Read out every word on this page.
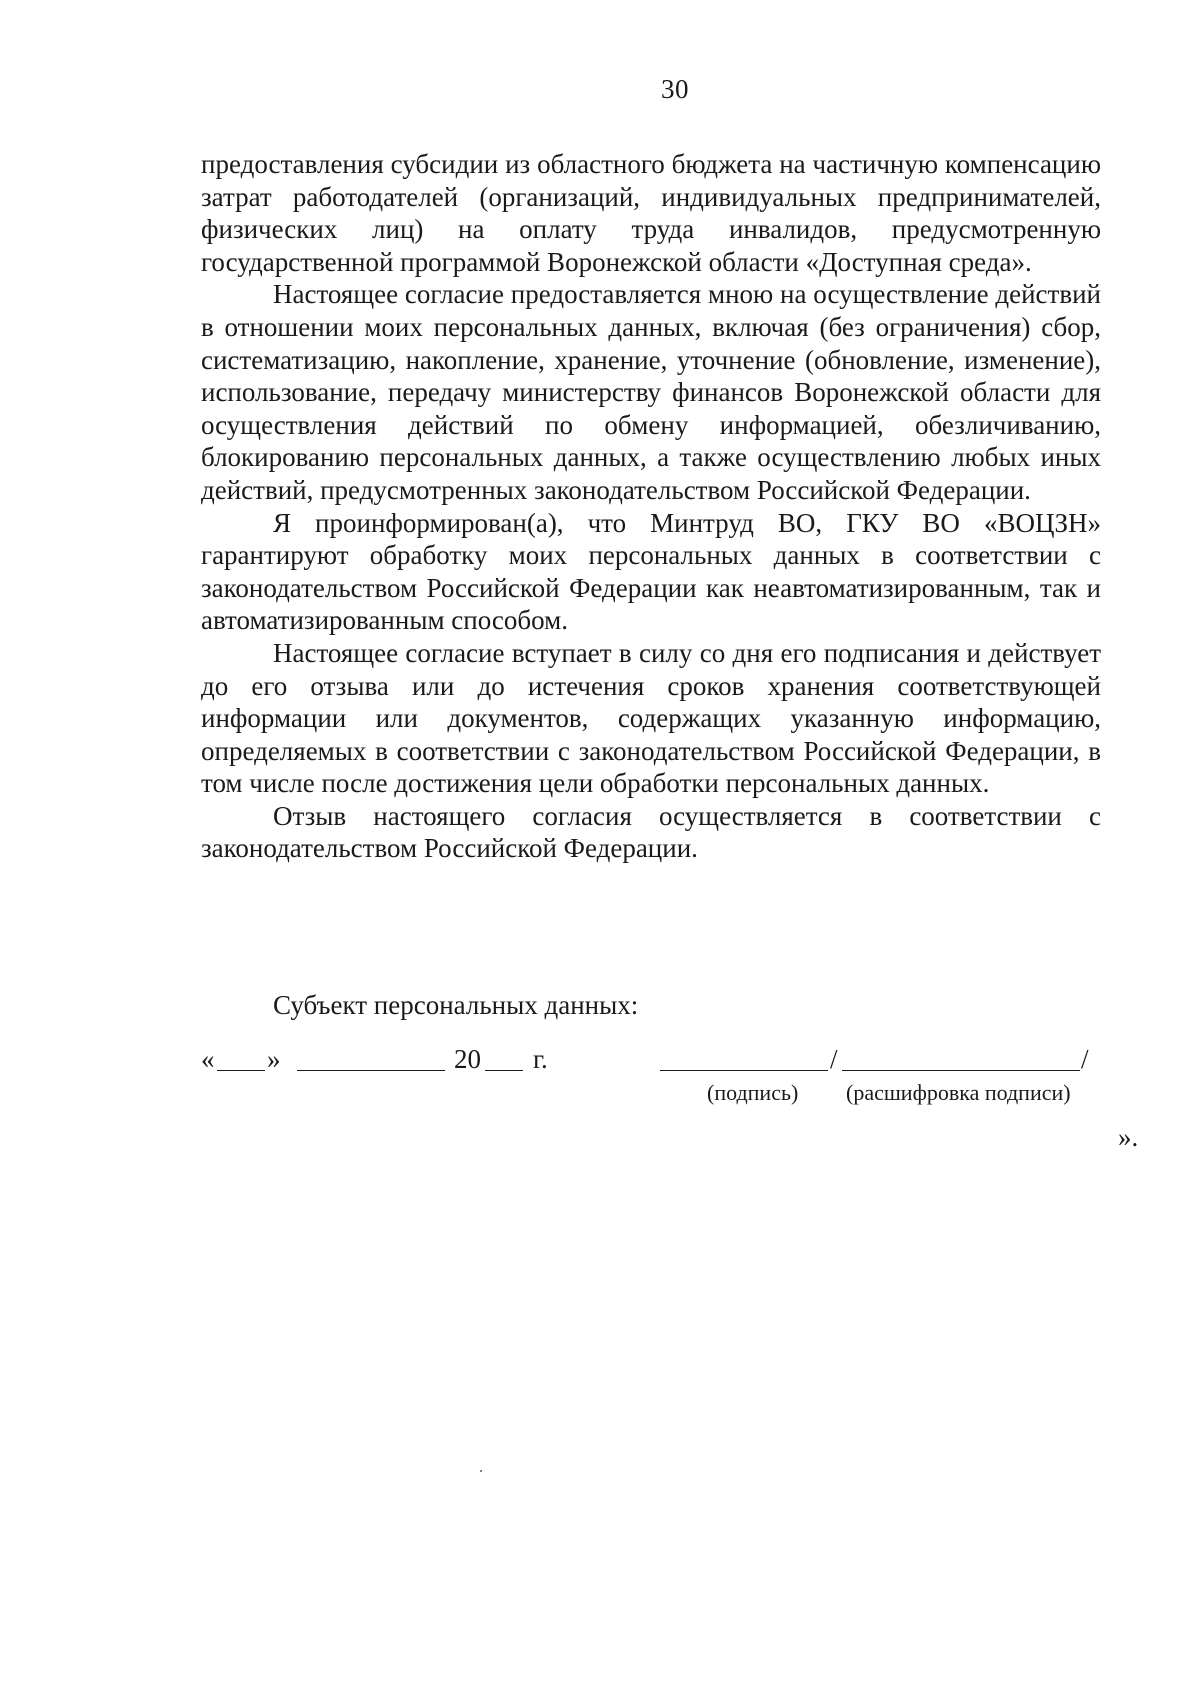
30

предоставления субсидии из областного бюджета на частичную компенсацию затрат работодателей (организаций, индивидуальных предпринимателей, физических лиц) на оплату труда инвалидов, предусмотренную государственной программой Воронежской области «Доступная среда».

Настоящее согласие предоставляется мною на осуществление действий в отношении моих персональных данных, включая (без ограничения) сбор, систематизацию, накопление, хранение, уточнение (обновление, изменение), использование, передачу министерству финансов Воронежской области для осуществления действий по обмену информацией, обезличиванию, блокированию персональных данных, а также осуществлению любых иных действий, предусмотренных законодательством Российской Федерации.

Я проинформирован(а), что Минтруд ВО, ГКУ ВО «ВОЦЗН» гарантируют обработку моих персональных данных в соответствии с законодательством Российской Федерации как неавтоматизированным, так и автоматизированным способом.

Настоящее согласие вступает в силу со дня его подписания и действует до его отзыва или до истечения сроков хранения соответствующей информации или документов, содержащих указанную информацию, определяемых в соответствии с законодательством Российской Федерации, в том числе после достижения цели обработки персональных данных.

Отзыв настоящего согласия осуществляется в соответствии с законодательством Российской Федерации.

Субъект персональных данных:
« »	20 г.	/	/
(подпись) (расшифровка подписи)
».
